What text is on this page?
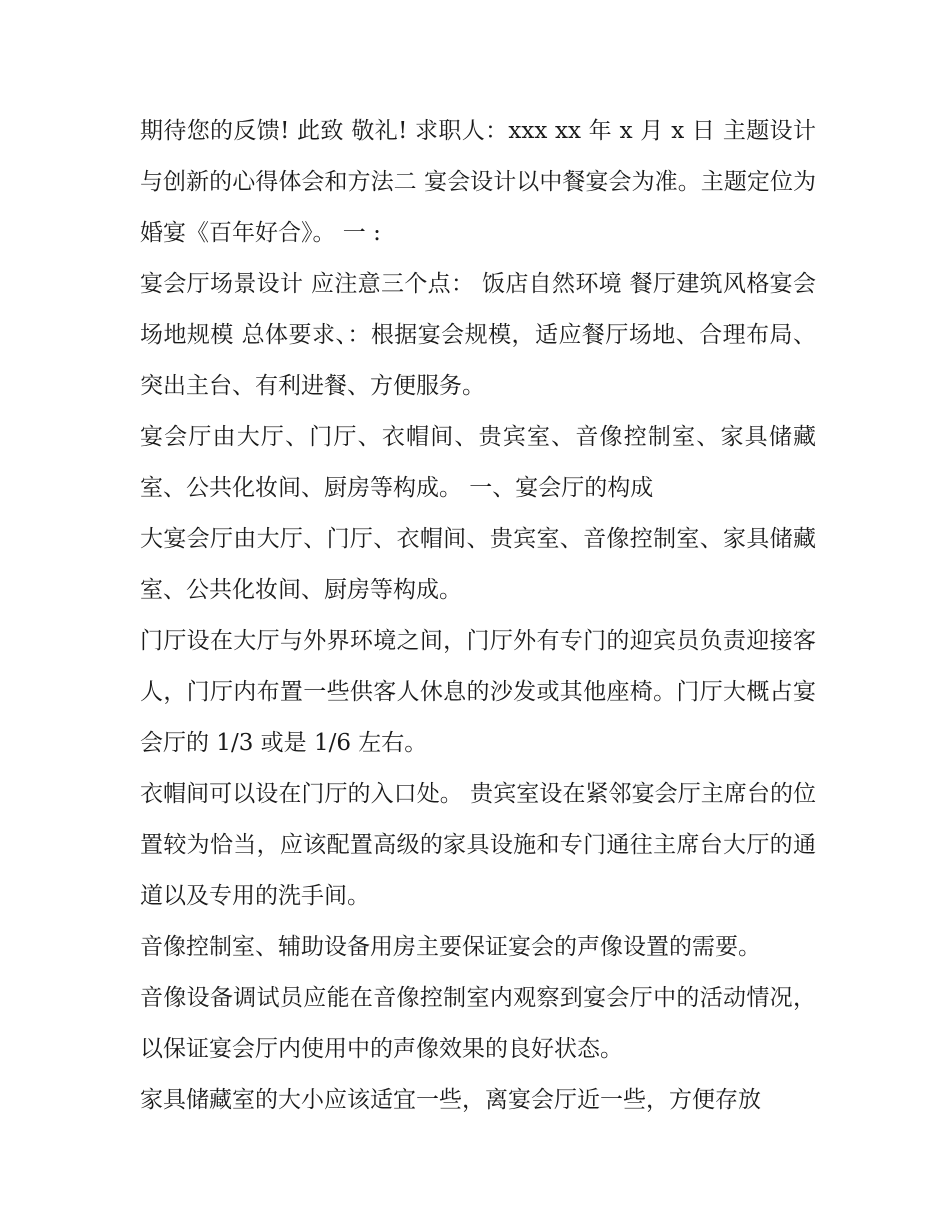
期待您的反馈! 此致 敬礼! 求职人：xxx xx 年 x 月 x 日 主题设计与创新的心得体会和方法二 宴会设计以中餐宴会为准。主题定位为婚宴《百年好合》。 一 :

宴会厅场景设计 应注意三个点： 饭店自然环境 餐厅建筑风格宴会场地规模 总体要求、：根据宴会规模，适应餐厅场地、合理布局、突出主台、有利进餐、方便服务。

宴会厅由大厅、门厅、衣帽间、贵宾室、音像控制室、家具储藏室、公共化妆间、厨房等构成。 一、宴会厅的构成

大宴会厅由大厅、门厅、衣帽间、贵宾室、音像控制室、家具储藏室、公共化妆间、厨房等构成。

门厅设在大厅与外界环境之间，门厅外有专门的迎宾员负责迎接客人，门厅内布置一些供客人休息的沙发或其他座椅。门厅大概占宴会厅的 1/3 或是 1/6 左右。

衣帽间可以设在门厅的入口处。 贵宾室设在紧邻宴会厅主席台的位置较为恰当，应该配置高级的家具设施和专门通往主席台大厅的通道以及专用的洗手间。

音像控制室、辅助设备用房主要保证宴会的声像设置的需要。

音像设备调试员应能在音像控制室内观察到宴会厅中的活动情况，以保证宴会厅内使用中的声像效果的良好状态。

家具储藏室的大小应该适宜一些，离宴会厅近一些，方便存放
